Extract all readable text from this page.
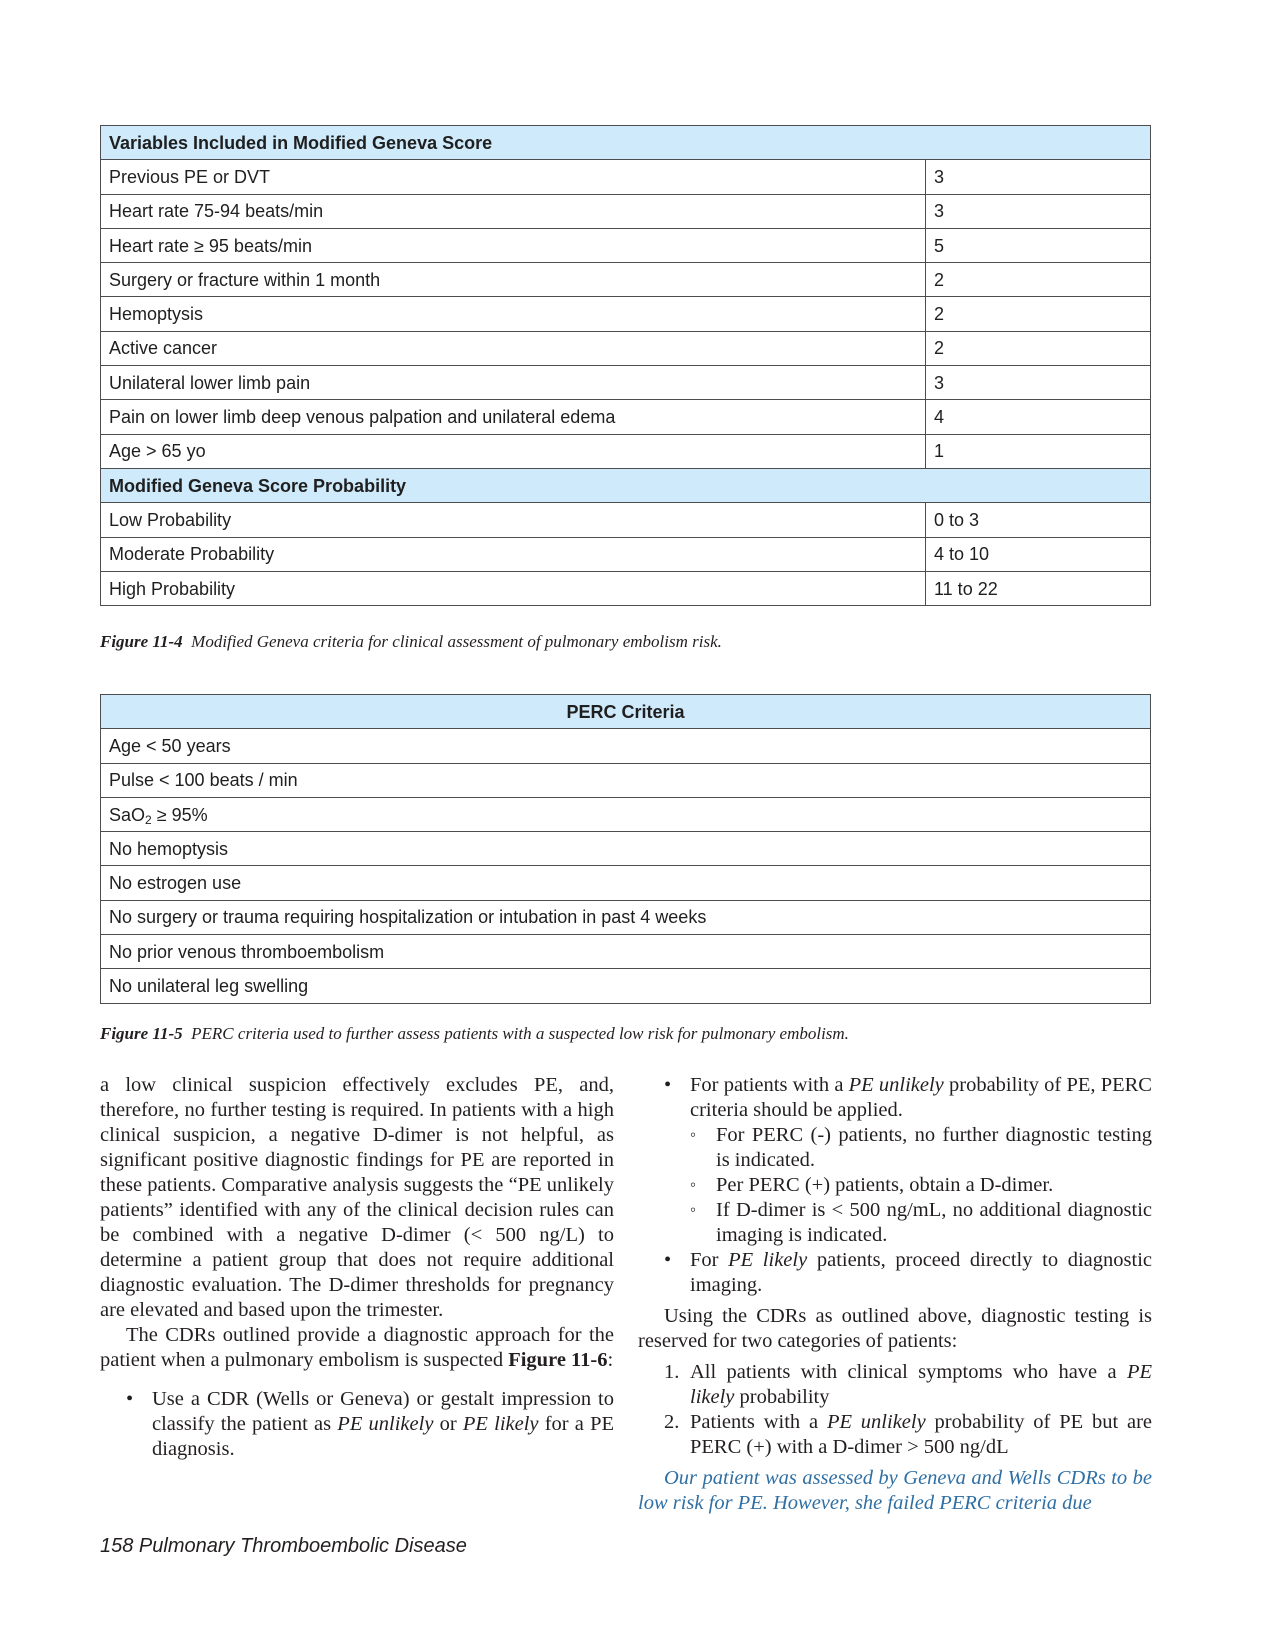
Variables Included in Modified Geneva Score	
Previous PE or DVT	3
Heart rate 75-94 beats/min	3
Heart rate ≥ 95 beats/min	5
Surgery or fracture within 1 month	2
Hemoptysis	2
Active cancer	2
Unilateral lower limb pain	3
Pain on lower limb deep venous palpation and unilateral edema	4
Age > 65 yo	1
Modified Geneva Score Probability	
Low Probability	0 to 3
Moderate Probability	4 to 10
High Probability	11 to 22
Figure 11-4 Modified Geneva criteria for clinical assessment of pulmonary embolism risk.
PERC Criteria
Age < 50 years
Pulse < 100 beats / min
SaO$_2$ ≥ 95%
No hemoptysis
No estrogen use
No surgery or trauma requiring hospitalization or intubation in past 4 weeks
No prior venous thromboembolism
No unilateral leg swelling
Figure 11-5 PERC criteria used to further assess patients with a suspected low risk for pulmonary embolism.

a low clinical suspicion effectively excludes PE, and, therefore, no further testing is required. In patients with a high clinical suspicion, a negative D-dimer is not helpful, as significant positive diagnostic findings for PE are reported in these patients. Comparative analysis suggests the “PE unlikely patients” identified with any of the clinical decision rules can be combined with a negative D-dimer (< 500 ng/L) to determine a patient group that does not require additional diagnostic evaluation. The D-dimer thresholds for pregnancy are elevated and based upon the trimester.

The CDRs outlined provide a diagnostic approach for the patient when a pulmonary embolism is suspected Figure 11-6:

• Use a CDR (Wells or Geneva) or gestalt impression to classify the patient as PE unlikely or PE likely for a PE diagnosis.

• For patients with a PE unlikely probability of PE, PERC criteria should be applied.

◦ For PERC (-) patients, no further diagnostic testing is indicated.

◦ Per PERC (+) patients, obtain a D-dimer.

◦ If D-dimer is < 500 ng/mL, no additional diagnostic imaging is indicated.

• For PE likely patients, proceed directly to diagnostic imaging.

Using the CDRs as outlined above, diagnostic testing is reserved for two categories of patients:

1. All patients with clinical symptoms who have a PE likely probability

2. Patients with a PE unlikely probability of PE but are PERC (+) with a D-dimer > 500 ng/dL

Our patient was assessed by Geneva and Wells CDRs to be low risk for PE. However, she failed PERC criteria due

158 Pulmonary Thromboembolic Disease
